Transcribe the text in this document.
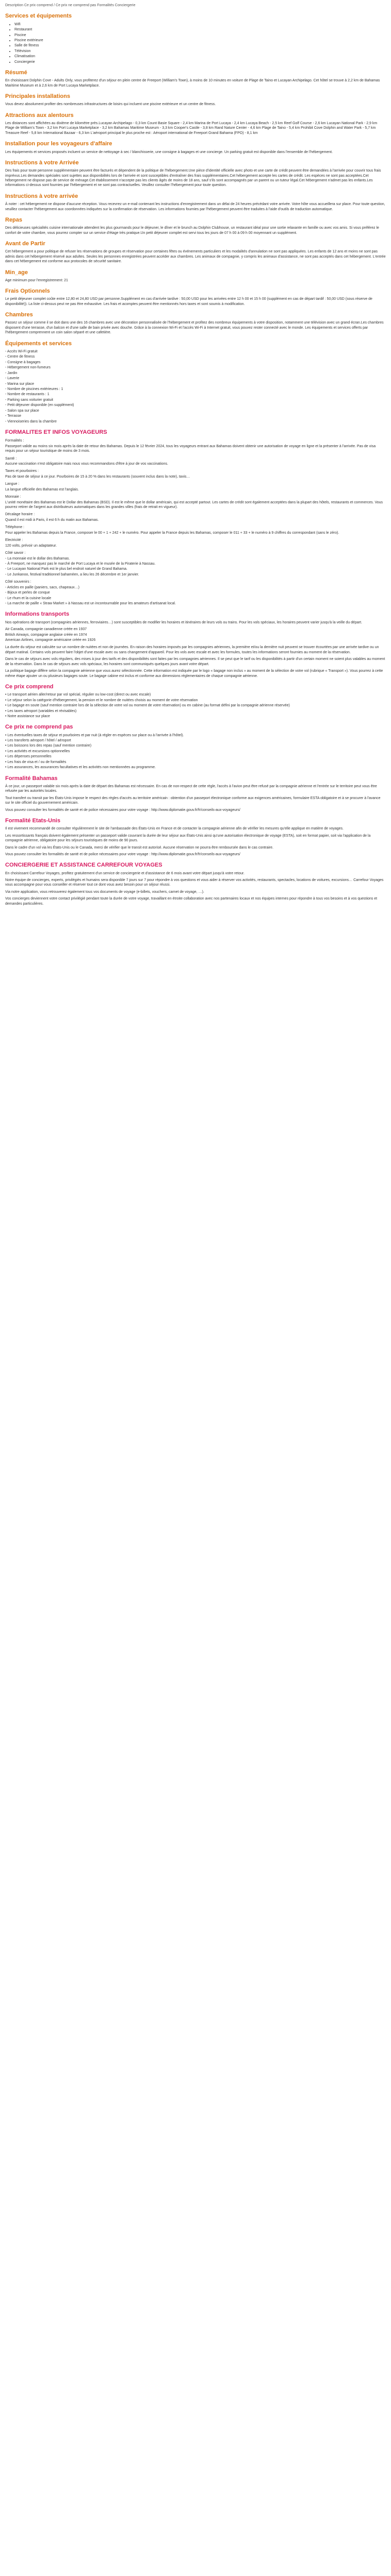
Description Ce prix comprend / Ce prix ne comprend pas Formalités Conciergerie
Services et équipements
• Wifi
• Restaurant
• Piscine
• Piscine extérieure
• Salle de fitness
• Télévision
• Climatisation
• Conciergerie
Résumé

En choisissant Dolphin Cove - Adults Only, vous profiterez d'un séjour en plein centre de Freeport (William's Town), à moins de 10 minutes en voiture de Plage de Taino et Lucayan Archipelago. Cet hôtel se trouve à 2,2 km de Bahamas Maritime Museum et à 2,6 km de Port Lucaya Marketplace.

Principales installations

Vous devez absolument profiter des nombreuses infrastructures de loisirs qui incluent une piscine extérieure et un centre de fitness.

Attractions aux alentours

Les distances sont affichées au dixième de kilomètre près.Lucayan Archipelago - 0,3 km Count Basie Square - 2,4 km Marina de Port Lucaya - 2,4 km Lucaya Beach - 2,5 km Reef Golf Course - 2,6 km Lucayan National Park - 2,9 km Plage de William's Town - 3,2 km Port Lucaya Marketplace - 3,2 km Bahamas Maritime Museum - 3,3 km Cooper's Castle - 3,8 km Rand Nature Center - 4,6 km Plage de Taino - 5,4 km Prohibit Cove Dolphin and Water Park - 5,7 km Treasure Reef - 5,8 km International Bazaar - 6,3 km L'aéroport principal le plus proche est : Aéroport international de Freeport Grand Bahama (FPO) - 8,1 km

Installation pour les voyageurs d'affaire

Les équipements et services proposés incluent un service de nettoyage à sec / blanchisserie, une consigne à bagages et une concierge. Un parking gratuit est disponible dans l'ensemble de l'hébergement.

Instructions à votre Arrivée

Des frais pour toute personne supplémentaire peuvent être facturés et dépendent de la politique de l'hébergement.Une pièce d'identité officielle avec photo et une carte de crédit peuvent être demandées à l'arrivée pour couvrir tous frais imprévus.Les demandes spéciales sont sujettes aux disponibilités lors de l'arrivée et sont susceptibles d'entraîner des frais supplémentaires.Cet hébergement accepte les cartes de crédit. Les espèces ne sont pas acceptées.Cet hébergement ne dispose pas de service de ménage.Cet établissement n'accepte pas les clients âgés de moins de 18 ans, sauf s'ils sont accompagnés par un parent ou un tuteur légal.Cet hébergement n'admet pas les enfants.Les informations ci-dessus sont fournies par l'hébergement et ne sont pas contractuelles. Veuillez consulter l'hébergement pour toute question.

Instructions à votre arrivée

À noter : cet hébergement ne dispose d'aucune réception. Vous recevrez un e-mail contenant les instructions d'enregistrement dans un délai de 24 heures précédant votre arrivée. Votre hôte vous accueillera sur place. Pour toute question, veuillez contacter l'hébergement aux coordonnées indiquées sur la confirmation de réservation. Les informations fournies par l'hébergement peuvent être traduites à l'aide d'outils de traduction automatique.

Repas

Des délicieuses spécialités cuisine internationale attendent les plus gourmands pour le déjeuner, le dîner et le brunch au Dolphin Clubhouse, un restaurant idéal pour une sortie relaxante en famille ou avec vos amis. Si vous préférez le confort de votre chambre, vous pourrez compter sur un service d'étage très pratique.Un petit déjeuner complet est servi tous les jours de 07 h 00 à 09 h 00 moyennant un supplément.

Avant de Partir

Cet hébergement a pour politique de refuser les réservations de groupes et réservation pour certaines fêtes ou événements particuliers et les modalités d'annulation ne sont pas appliquées. Les enfants de 12 ans et moins ne sont pas admis dans cet hébergement réservé aux adultes. Seules les personnes enregistrées peuvent accéder aux chambres. Les animaux de compagnie, y compris les animaux d'assistance, ne sont pas acceptés dans cet hébergement. L'entrée dans cet hébergement est conforme aux protocoles de sécurité sanitaire.

Min_age

Age minimum pour l'enregistrement: 21

Frais Optionnels

Le petit déjeuner complet coûte entre 12,80 et 24,80 USD par personne.Supplément en cas d'arrivée tardive : 50,00 USD pour les arrivées entre 12 h 00 et 15 h 00 (supplément en cas de départ tardif : 50,00 USD (sous réserve de disponibilité)). La liste ci-dessus peut ne pas être exhaustive. Les frais et acomptes peuvent être mentionnés hors taxes et sont soumis à modification.

Chambres

Passez un séjour comme il se doit dans une des 16 chambres avec une décoration personnalisée de l'hébergement et profitez des nombreux équipements à votre disposition, notamment une télévision avec un grand écran.Les chambres disposent d'une terrasse, d'un balcon et d'une salle de bain privée avec douche. Grâce à la connexion Wi-Fi et l'accès Wi-Fi à Internet gratuit, vous pouvez rester connecté avec le monde. Les équipements et services offerts par l'hébergement comprennent un coin salon séparé et une cafetière.

Équipements et services
- Accès Wi-Fi gratuit
- Centre de fitness
- Consigne à bagages
- Hébergement non-fumeurs
- Jardin
- Laverie
- Marina sur place
- Nombre de piscines extérieures : 1
- Nombre de restaurants : 1
- Parking sans voiturier gratuit
- Petit déjeuner disponible (en supplément)
- Salon spa sur place
- Terrasse
- Viennoiseries dans la chambre
FORMALITES ET INFOS VOYAGEURS
Formalités :

Passeport valide au moins six mois après la date de retour des Bahamas. Depuis le 12 février 2024, tous les voyageurs entrant aux Bahamas doivent obtenir une autorisation de voyage en ligne et la présenter à l'arrivée. Pas de visa requis pour un séjour touristique de moins de 3 mois.

Santé :

Aucune vaccination n'est obligatoire mais nous vous recommandons d'être à jour de vos vaccinations.

Taxes et pourboires :

Pas de taxe de séjour à ce jour. Pourboires de 15 à 20 % dans les restaurants (souvent inclus dans la note), taxis…

Langue :

La langue officielle des Bahamas est l'anglais.

Monnaie :

L'unité monétaire des Bahamas est le Dollar des Bahamas (BSD). Il est le même que le dollar américain, qui est accepté partout. Les cartes de crédit sont également acceptées dans la plupart des hôtels, restaurants et commerces. Vous pourrez retirer de l'argent aux distributeurs automatiques dans les grandes villes (frais de retrait en vigueur).

Décalage horaire :

Quand il est midi à Paris, il est 6 h du matin aux Bahamas.

Téléphone :

Pour appeler les Bahamas depuis la France, composer le 00 + 1 + 242 + le numéro. Pour appeler la France depuis les Bahamas, composer le 011 + 33 + le numéro à 9 chiffres du correspondant (sans le zéro).

Electricité :

120 volts, prévoir un adaptateur.

Côté savoir :
- La monnaie est le dollar des Bahamas.
- À Freeport, ne manquez pas le marché de Port Lucaya et le musée de la Piraterie à Nassau.
- Le Lucayan National Park est le plus bel endroit naturel de Grand Bahama.
- Le Junkanoo, festival traditionnel bahaméen, a lieu les 26 décembre et 1er janvier.
Côté souvenirs :
- Articles en paille (paniers, sacs, chapeaux…)
- Bijoux et perles de conque
- Le rhum et la cuisine locale
- La marche de paille « Straw Market » à Nassau est un incontournable pour les amateurs d'artisanat local.
Informations transports

Nos opérations de transport (compagnies aériennes, ferroviaires…) sont susceptibles de modifier les horaires et itinéraires de leurs vols ou trains. Pour les vols spéciaux, les horaires peuvent varier jusqu'à la veille du départ.

Air Canada, compagnie canadienne créée en 1937
British Airways, compagnie anglaise créée en 1974
American Airlines, compagnie américaine créée en 1926

La durée du séjour est calculée sur un nombre de nuitées et non de journées. En raison des horaires imposés par les compagnies aériennes, la première et/ou la dernière nuit peuvent se trouver écourtées par une arrivée tardive ou un départ matinal. Certains vols peuvent faire l'objet d'une escale avec ou sans changement d'appareil. Pour les vols avec escale et avec les formules, toutes les informations seront fournies au moment de la réservation.

Dans le cas de séjours avec vols réguliers, des mises à jour des tarifs et des disponibilités sont faites par les compagnies aériennes. Il se peut que le tarif ou les disponibilités à partir d'un certain moment ne soient plus valables au moment de la réservation. Dans le cas de séjours avec vols spéciaux, les horaires sont communiqués quelques jours avant votre départ.

La politique bagage diffère selon la compagnie aérienne que vous aurez sélectionnée. Cette information est indiquée par le logo « bagage non inclus » au moment de la sélection de votre vol (rubrique « Transport »). Vous pourrez à cette même étape ajouter un ou plusieurs bagages soute. Le bagage cabine est inclus et conforme aux dimensions réglementaires de chaque compagnie aérienne.

Ce prix comprend
• Le transport aérien aller/retour par vol spécial, régulier ou low-cost (direct ou avec escale)
• Le séjour selon la catégorie d'hébergement, la pension et le nombre de nuitées choisis au moment de votre réservation
• Le bagage en soute (sauf mention contraire lors de la sélection de votre vol ou moment de votre réservation) ou en cabine (au format défini par la compagnie aérienne réservée)
• Les taxes aéroport (variables et révisables)
• Notre assistance sur place
Ce prix ne comprend pas
• Les éventuelles taxes de séjour et pourboires et par nuit (à régler en espèces sur place ou à l'arrivée à l'hôtel).
• Les transferts aéroport / hôtel / aéroport
• Les boissons lors des repas (sauf mention contraire)
• Les activités et excursions optionnelles
• Les dépenses personnelles
• Les frais de visa et / ou de formalités
• Les assurances, les assurances facultatives et les activités non mentionnées au programme.
Formalité Bahamas

À ce jour, un passeport valable six mois après la date de départ des Bahamas est nécessaire. En cas de non-respect de cette règle, l'accès à l'avion peut être refusé par la compagnie aérienne et l'entrée sur le territoire peut vous être refusée par les autorités locales.

Tout transfert ou transit par les États-Unis impose le respect des règles d'accès au territoire américain : obtention d'un passeport électronique conforme aux exigences américaines, formulaire ESTA obligatoire et à se procurer à l'avance sur le site officiel du gouvernement américain.

Vous pouvez consulter les formalités de santé et de police nécessaires pour votre voyage : http://www.diplomatie.gouv.fr/fr/conseils-aux-voyageurs/

Formalité Etats-Unis

Il est vivement recommandé de consulter régulièrement le site de l'ambassade des États-Unis en France et de contacter la compagnie aérienne afin de vérifier les mesures qu'elle applique en matière de voyages.

Les ressortissants français doivent également présenter un passeport valide couvrant la durée de leur séjour aux États-Unis ainsi qu'une autorisation électronique de voyage (ESTA), soit en format papier, soit via l'application de la compagnie aérienne, obligatoire pour les séjours touristiques de moins de 90 jours.

Dans le cadre d'un vol via les États-Unis ou le Canada, merci de vérifier que le transit est autorisé. Aucune réservation ne pourra être remboursée dans le cas contraire.

Vous pouvez consulter les formalités de santé et de police nécessaires pour votre voyage : http://www.diplomatie.gouv.fr/fr/conseils-aux-voyageurs/

CONCIERGERIE ET ASSISTANCE CARREFOUR VOYAGES

En choisissant Carrefour Voyages, profitez gratuitement d'un service de conciergerie et d'assistance de 6 mois avant votre départ jusqu'à votre retour.

Notre équipe de concierges, experts, privilégiés et humains sera disponible 7 jours sur 7 pour répondre à vos questions et vous aider à réserver vos activités, restaurants, spectacles, locations de voitures, excursions… Carrefour Voyages vous accompagne pour vous conseiller et réserver tout ce dont vous avez besoin pour un séjour réussi.

Via notre application, vous retrouverez également tous vos documents de voyage (e-billets, vouchers, carnet de voyage, …).

Vos concierges deviennent votre contact privilégié pendant toute la durée de votre voyage, travaillant en étroite collaboration avec nos partenaires locaux et nos équipes internes pour répondre à tous vos besoins et à vos questions et demandes particulières.
